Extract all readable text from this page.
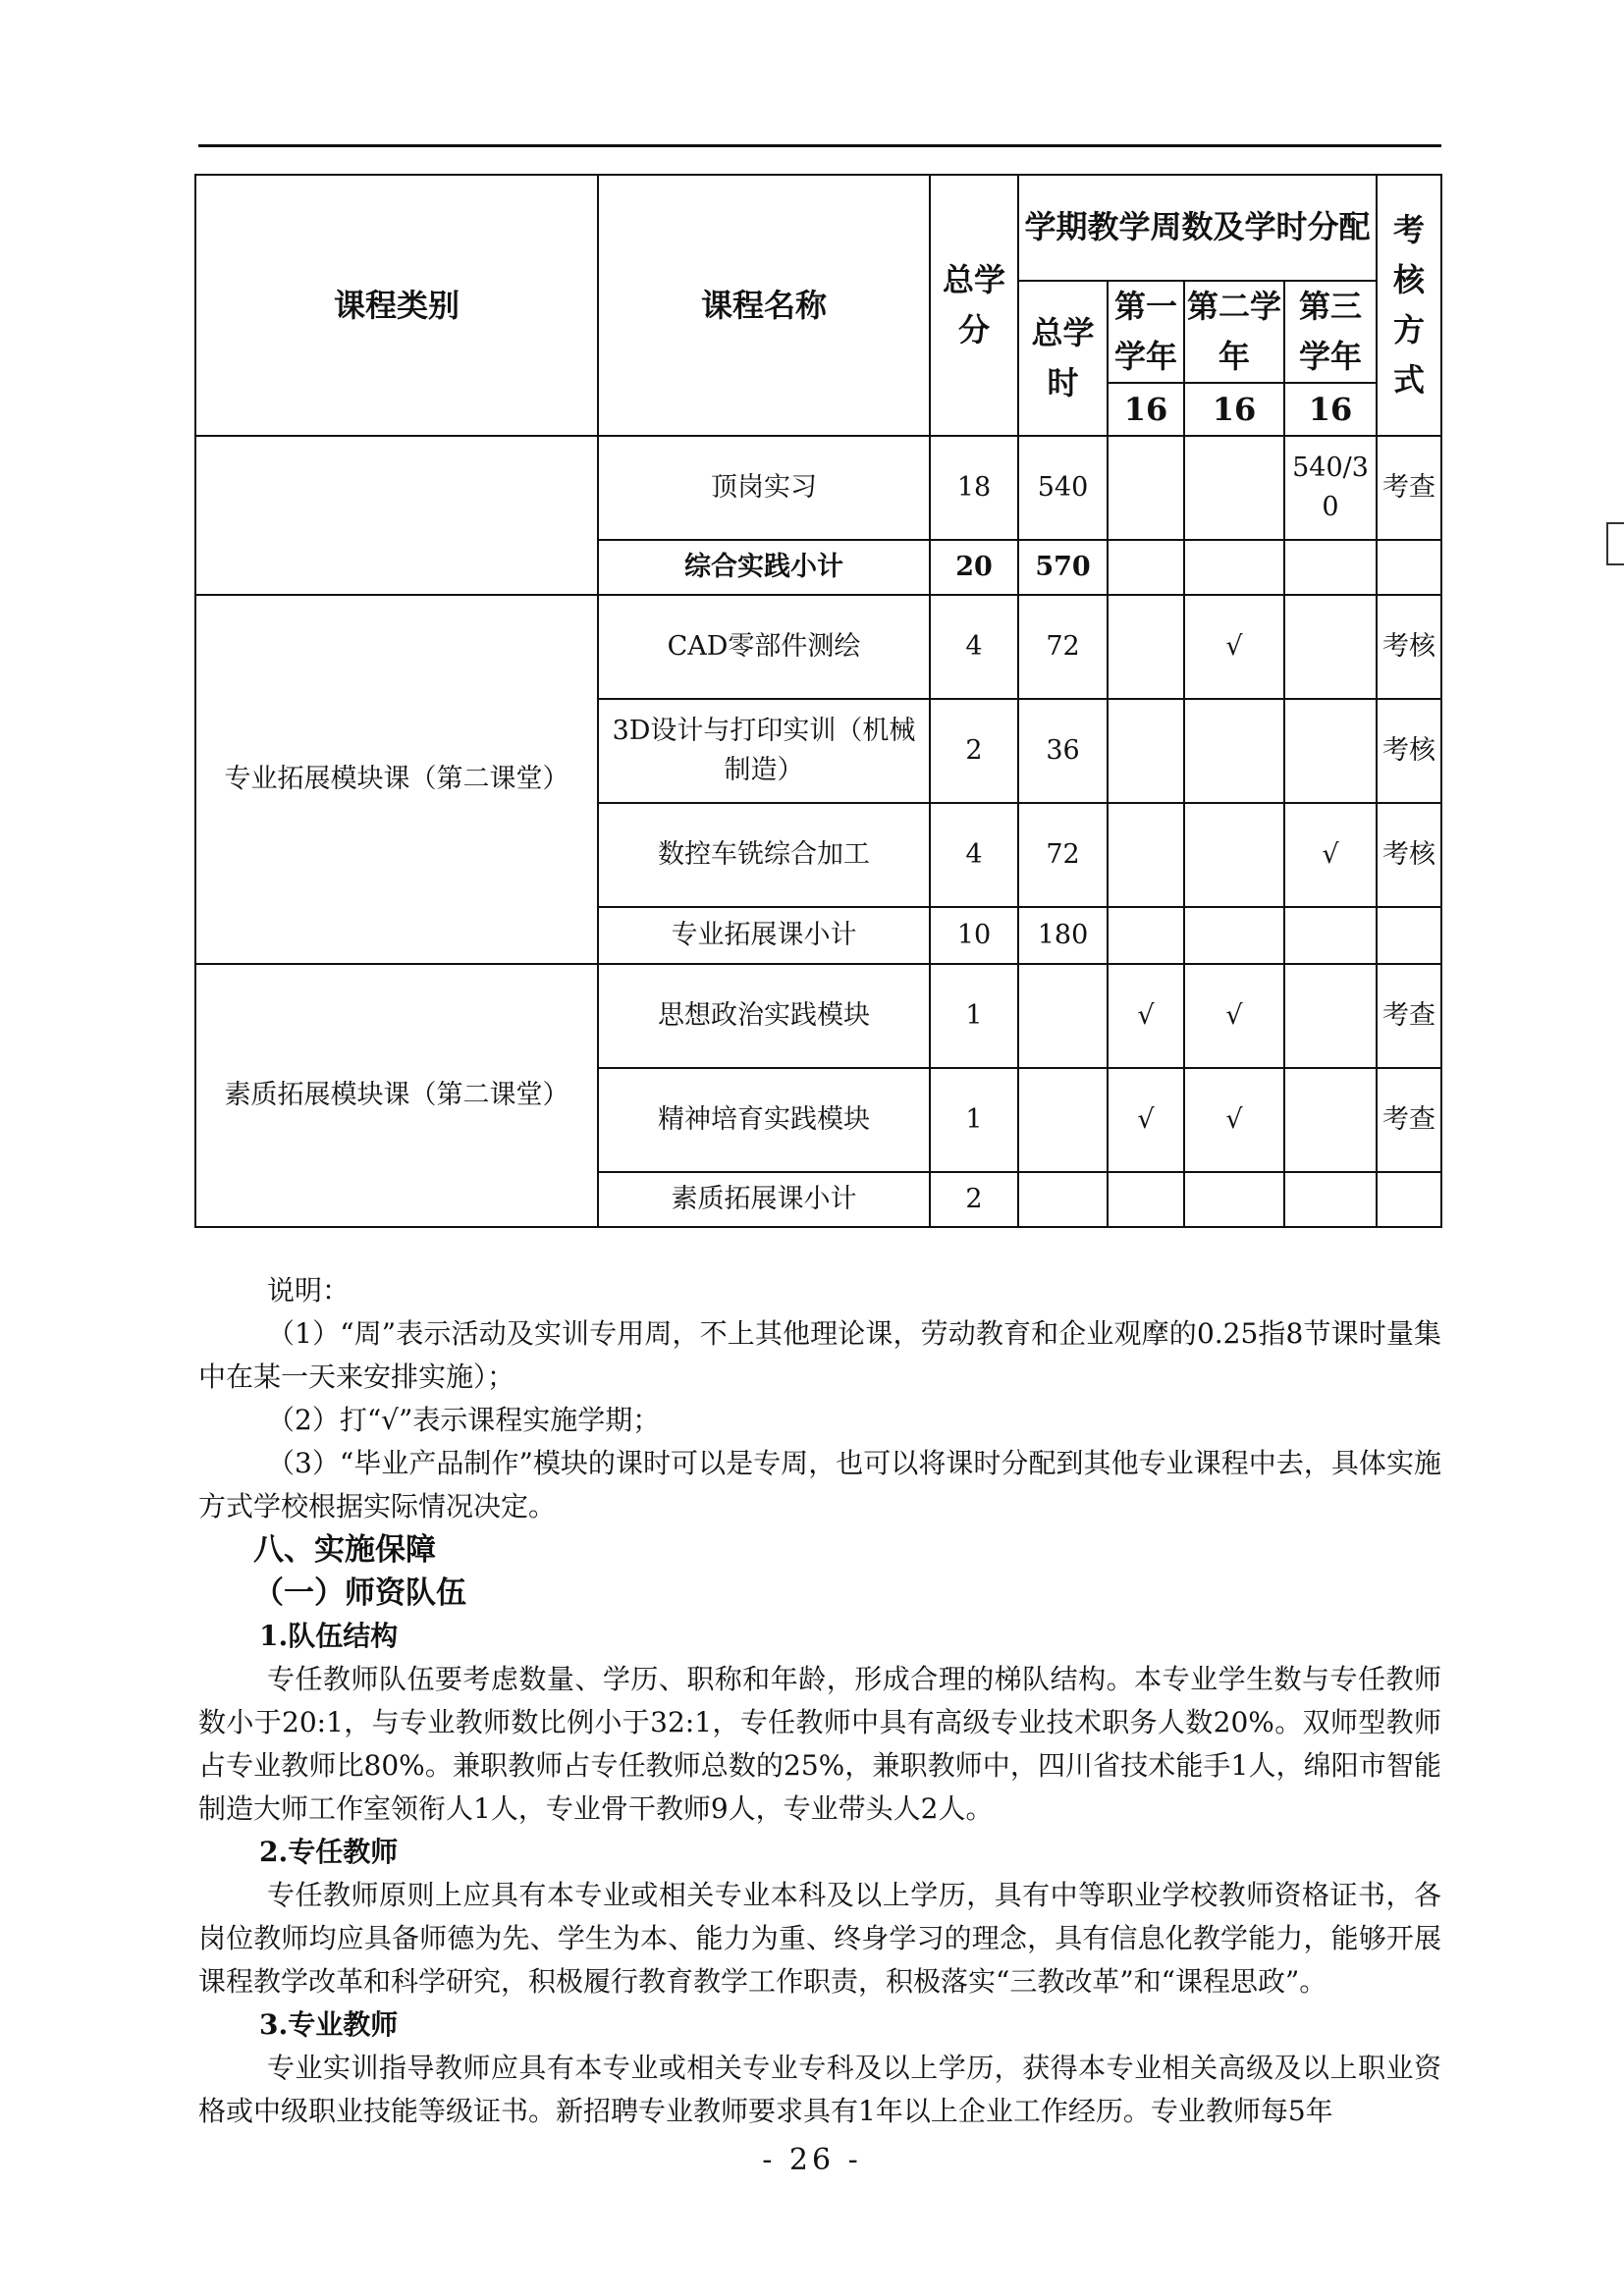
课程类别	课程名称	总学分	学期教学周数及学时分配				考核方式
			总学时	第一学年	第二学年	第三学年	
				16	16	16	
	顶岗实习	18	540			540/30	考查
	综合实践小计	20	570				
专业拓展模块课（第二课堂）	CAD零部件测绘	4	72		√		考核
	3D设计与打印实训（机械制造）	2	36				考核
	数控车铣综合加工	4	72			√	考核
	专业拓展课小计	10	180				
素质拓展模块课（第二课堂）	思想政治实践模块	1		√	√		考查
	精神培育实践模块	1		√	√		考查
	素质拓展课小计	2					

说明：

（1）“周”表示活动及实训专用周，不上其他理论课，劳动教育和企业观摩的0.25指8节课时量集中在某一天来安排实施）；

（2）打“√”表示课程实施学期；

（3）“毕业产品制作”模块的课时可以是专周，也可以将课时分配到其他专业课程中去，具体实施方式学校根据实际情况决定。

八、实施保障

（一）师资队伍

1.队伍结构

专任教师队伍要考虑数量、学历、职称和年龄，形成合理的梯队结构。本专业学生数与专任教师数小于20:1，与专业教师数比例小于32:1，专任教师中具有高级专业技术职务人数20%。双师型教师占专业教师比80%。兼职教师占专任教师总数的25%，兼职教师中，四川省技术能手1人，绵阳市智能制造大师工作室领衔人1人，专业骨干教师9人，专业带头人2人。

2.专任教师

专任教师原则上应具有本专业或相关专业本科及以上学历，具有中等职业学校教师资格证书，各岗位教师均应具备师德为先、学生为本、能力为重、终身学习的理念，具有信息化教学能力，能够开展课程教学改革和科学研究，积极履行教育教学工作职责，积极落实“三教改革”和“课程思政”。

3.专业教师

专业实训指导教师应具有本专业或相关专业专科及以上学历，获得本专业相关高级及以上职业资格或中级职业技能等级证书。新招聘专业教师要求具有1年以上企业工作经历。专业教师每5年

- 26 -
